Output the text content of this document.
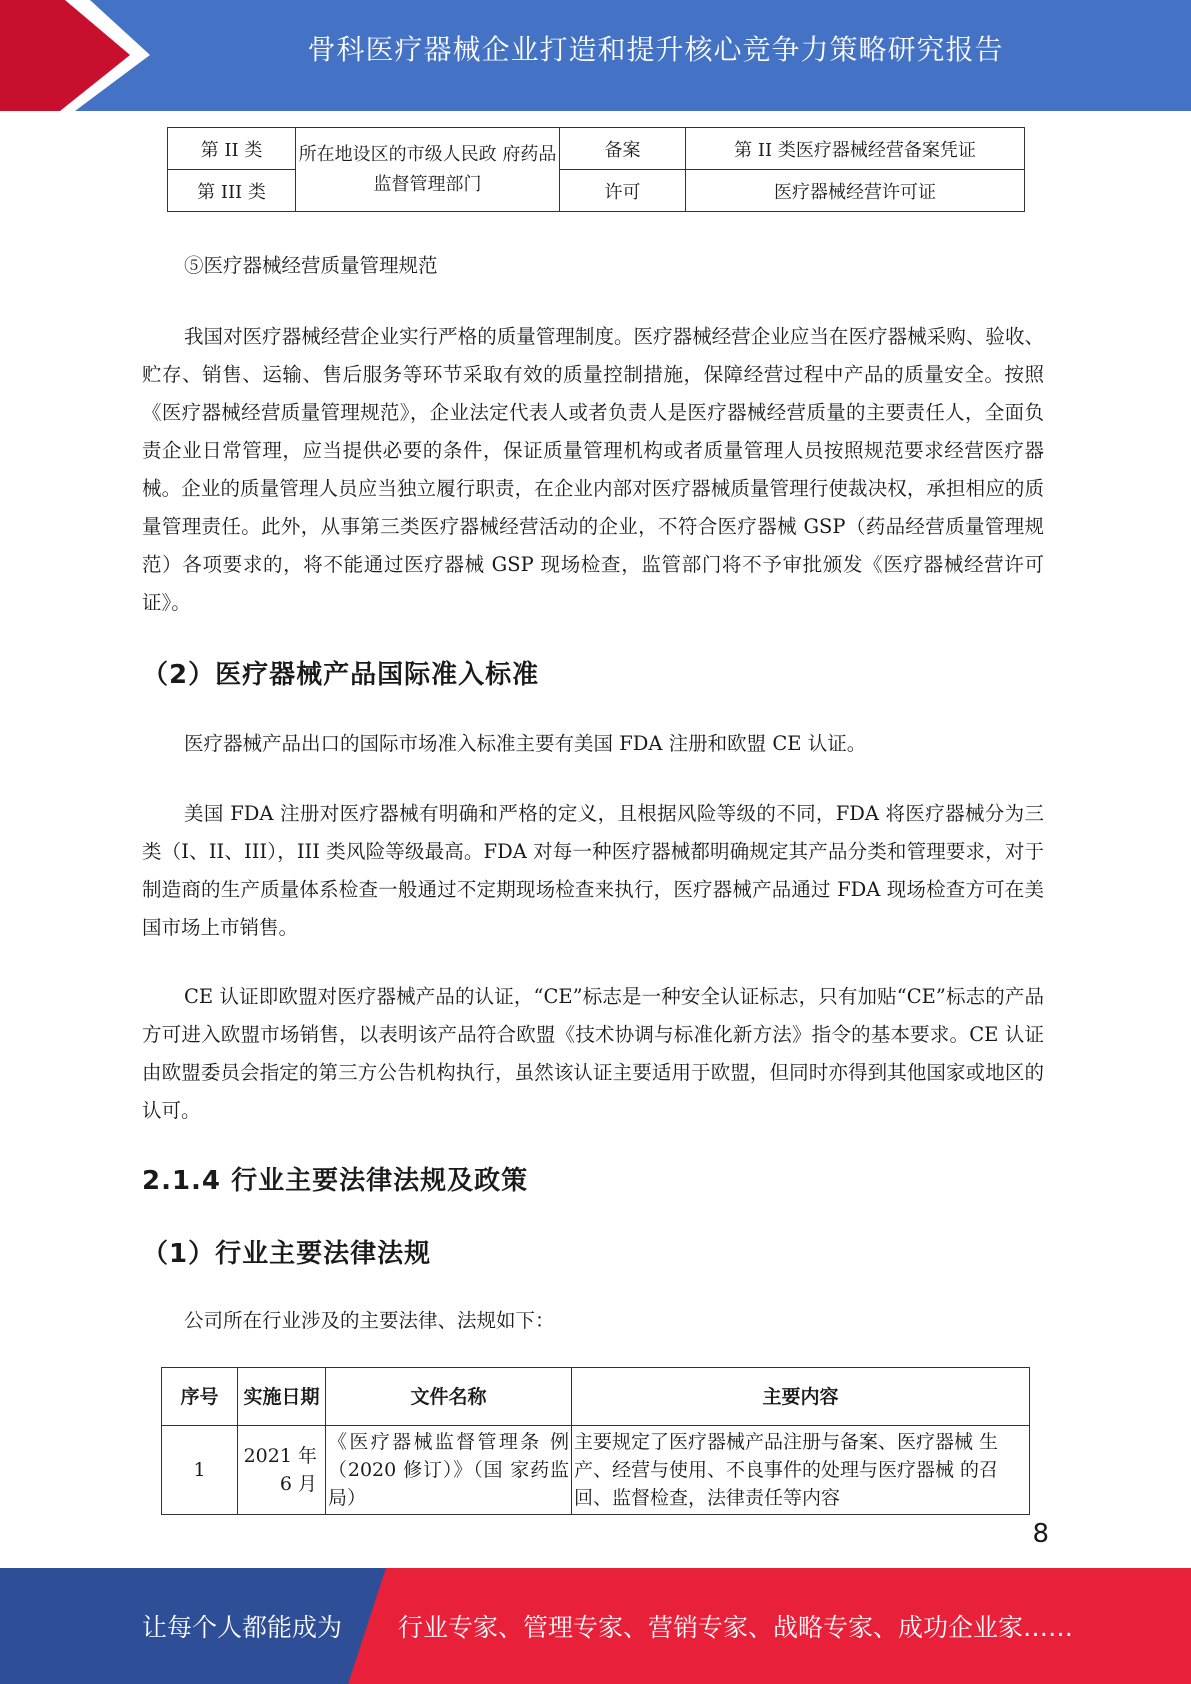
骨科医疗器械企业打造和提升核心竞争力策略研究报告
第 II 类	所在地设区的市级人民政 府药品监督管理部门	备案	第 II 类医疗器械经营备案凭证
第 III 类		许可	医疗器械经营许可证

⑤医疗器械经营质量管理规范

我国对医疗器械经营企业实行严格的质量管理制度。医疗器械经营企业应当在医疗器械采购、验收、贮存、销售、运输、售后服务等环节采取有效的质量控制措施，保障经营过程中产品的质量安全。按照《医疗器械经营质量管理规范》，企业法定代表人或者负责人是医疗器械经营质量的主要责任人，全面负责企业日常管理，应当提供必要的条件，保证质量管理机构或者质量管理人员按照规范要求经营医疗器械。企业的质量管理人员应当独立履行职责，在企业内部对医疗器械质量管理行使裁决权，承担相应的质量管理责任。此外，从事第三类医疗器械经营活动的企业，不符合医疗器械 GSP（药品经营质量管理规范）各项要求的，将不能通过医疗器械 GSP 现场检查，监管部门将不予审批颁发《医疗器械经营许可证》。

（2）医疗器械产品国际准入标准

医疗器械产品出口的国际市场准入标准主要有美国 FDA 注册和欧盟 CE 认证。

美国 FDA 注册对医疗器械有明确和严格的定义，且根据风险等级的不同，FDA 将医疗器械分为三类（I、II、III），III 类风险等级最高。FDA 对每一种医疗器械都明确规定其产品分类和管理要求，对于制造商的生产质量体系检查一般通过不定期现场检查来执行，医疗器械产品通过 FDA 现场检查方可在美国市场上市销售。

CE 认证即欧盟对医疗器械产品的认证，“CE”标志是一种安全认证标志，只有加贴“CE”标志的产品方可进入欧盟市场销售，以表明该产品符合欧盟《技术协调与标准化新方法》指令的基本要求。CE 认证由欧盟委员会指定的第三方公告机构执行，虽然该认证主要适用于欧盟，但同时亦得到其他国家或地区的认可。

2.1.4 行业主要法律法规及政策
（1）行业主要法律法规

公司所在行业涉及的主要法律、法规如下：

序号	实施日期	文件名称	主要内容
1	2021 年 6 月	《医疗器械监督管理条 例（2020 修订）》（国 家药监局）	主要规定了医疗器械产品注册与备案、医疗器械 生产、经营与使用、不良事件的处理与医疗器械 的召回、监督检查，法律责任等内容
8
让每个人都能成为 行业专家、管理专家、营销专家、战略专家、成功企业家……
